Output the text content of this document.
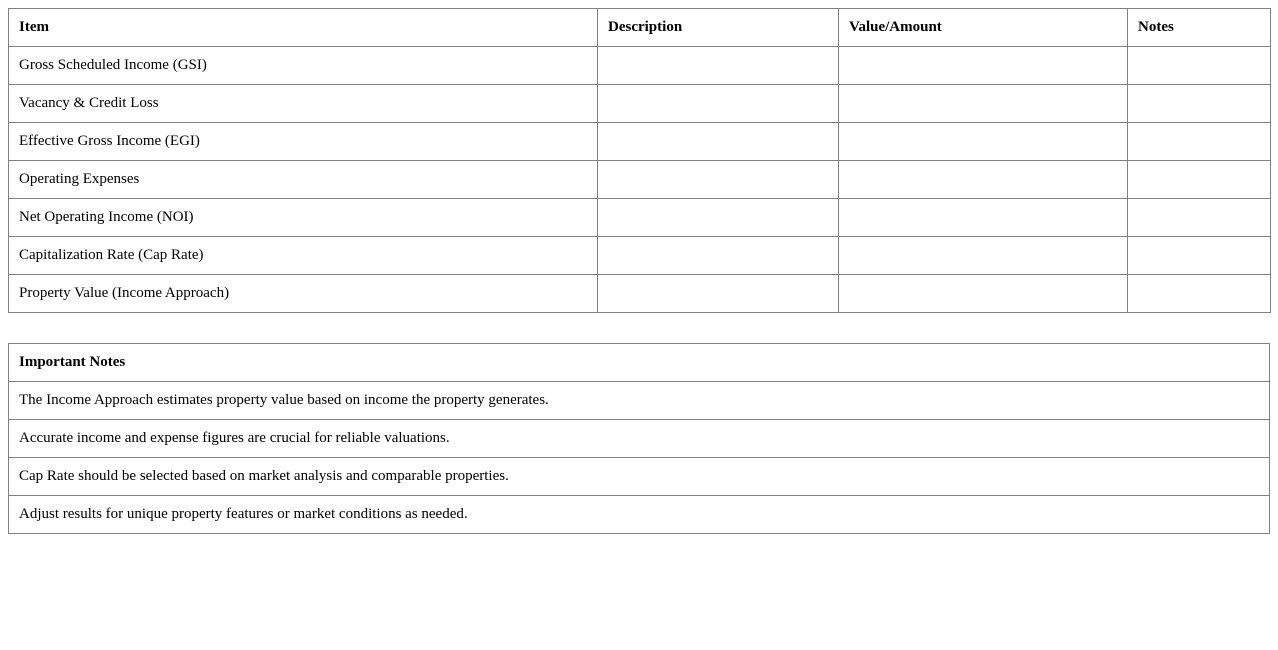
Item	Description	Value/Amount	Notes
Gross Scheduled Income (GSI)			
Vacancy & Credit Loss			
Effective Gross Income (EGI)			
Operating Expenses			
Net Operating Income (NOI)			
Capitalization Rate (Cap Rate)			
Property Value (Income Approach)			
Important Notes
The Income Approach estimates property value based on income the property generates.
Accurate income and expense figures are crucial for reliable valuations.
Cap Rate should be selected based on market analysis and comparable properties.
Adjust results for unique property features or market conditions as needed.
